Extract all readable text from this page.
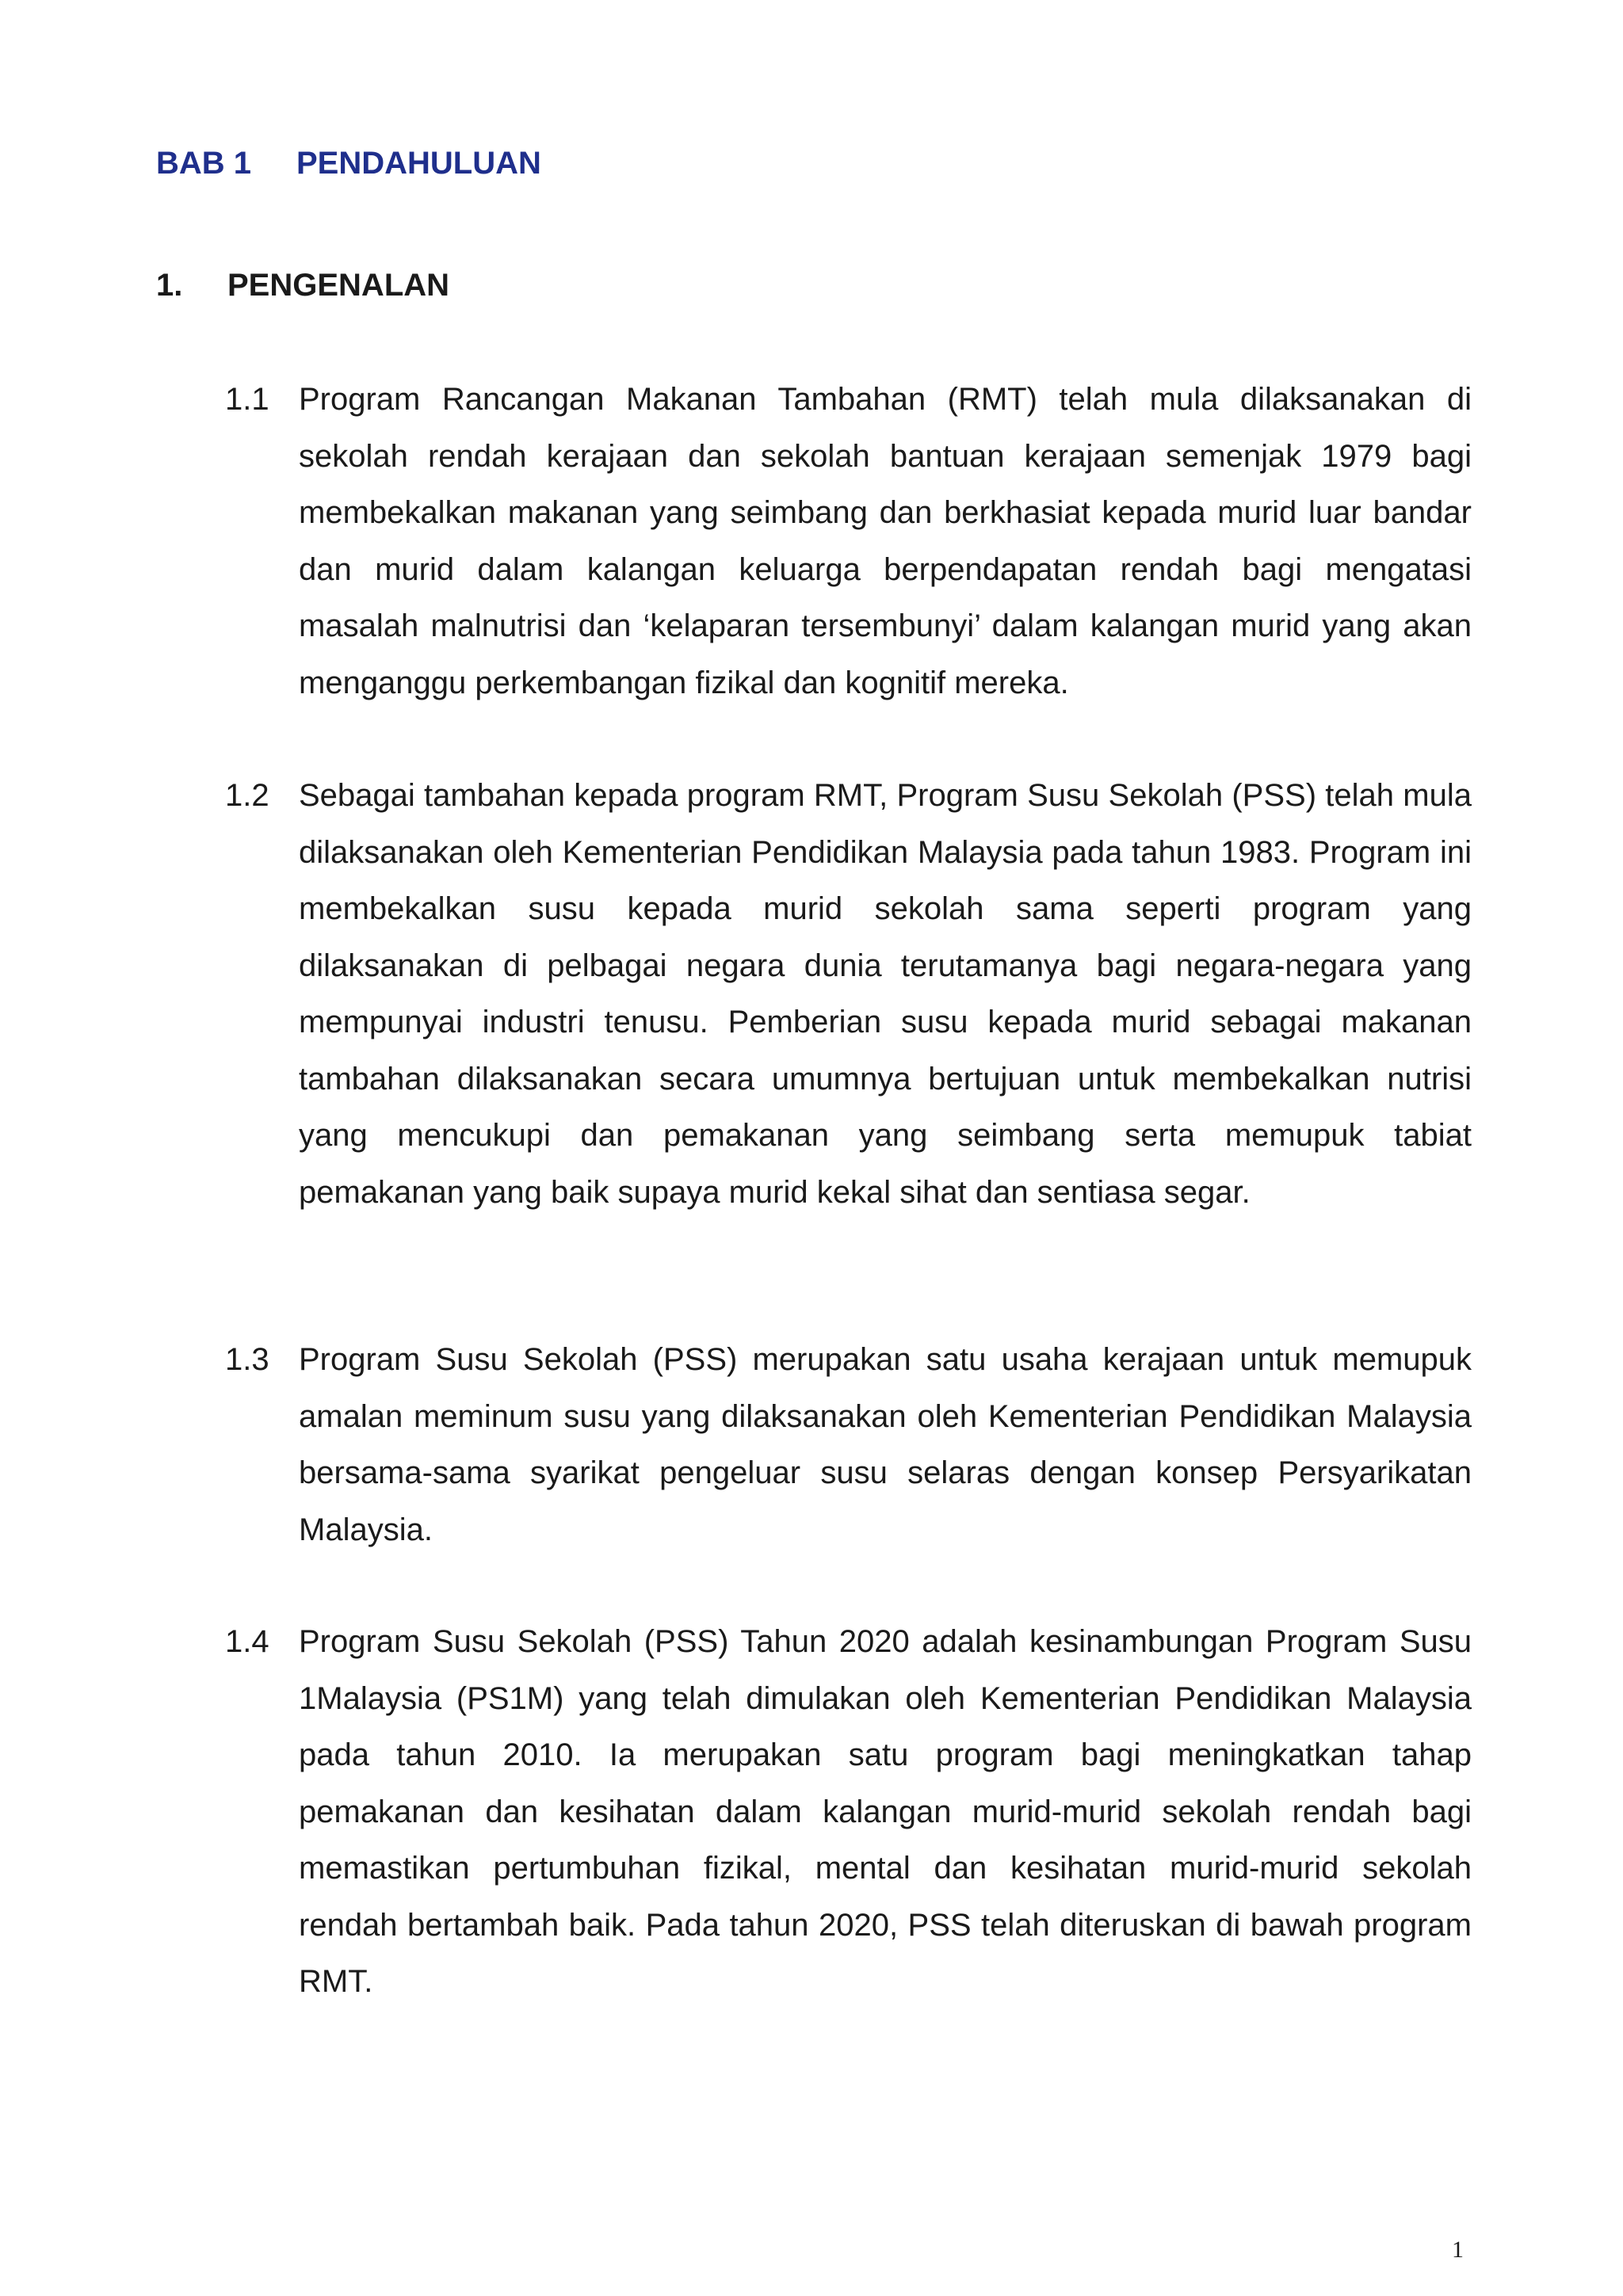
BAB 1 PENDAHULUAN
1. PENGENALAN
1.1 Program Rancangan Makanan Tambahan (RMT) telah mula dilaksanakan di sekolah rendah kerajaan dan sekolah bantuan kerajaan semenjak 1979 bagi membekalkan makanan yang seimbang dan berkhasiat kepada murid luar bandar dan murid dalam kalangan keluarga berpendapatan rendah bagi mengatasi masalah malnutrisi dan ‘kelaparan tersembunyi’ dalam kalangan murid yang akan menganggu perkembangan fizikal dan kognitif mereka.
1.2 Sebagai tambahan kepada program RMT, Program Susu Sekolah (PSS) telah mula dilaksanakan oleh Kementerian Pendidikan Malaysia pada tahun 1983. Program ini membekalkan susu kepada murid sekolah sama seperti program yang dilaksanakan di pelbagai negara dunia terutamanya bagi negara-negara yang mempunyai industri tenusu. Pemberian susu kepada murid sebagai makanan tambahan dilaksanakan secara umumnya bertujuan untuk membekalkan nutrisi yang mencukupi dan pemakanan yang seimbang serta memupuk tabiat pemakanan yang baik supaya murid kekal sihat dan sentiasa segar.
1.3 Program Susu Sekolah (PSS) merupakan satu usaha kerajaan untuk memupuk amalan meminum susu yang dilaksanakan oleh Kementerian Pendidikan Malaysia bersama-sama syarikat pengeluar susu selaras dengan konsep Persyarikatan Malaysia.
1.4 Program Susu Sekolah (PSS) Tahun 2020 adalah kesinambungan Program Susu 1Malaysia (PS1M) yang telah dimulakan oleh Kementerian Pendidikan Malaysia pada tahun 2010. Ia merupakan satu program bagi meningkatkan tahap pemakanan dan kesihatan dalam kalangan murid-murid sekolah rendah bagi memastikan pertumbuhan fizikal, mental dan kesihatan murid-murid sekolah rendah bertambah baik. Pada tahun 2020, PSS telah diteruskan di bawah program RMT.
1
